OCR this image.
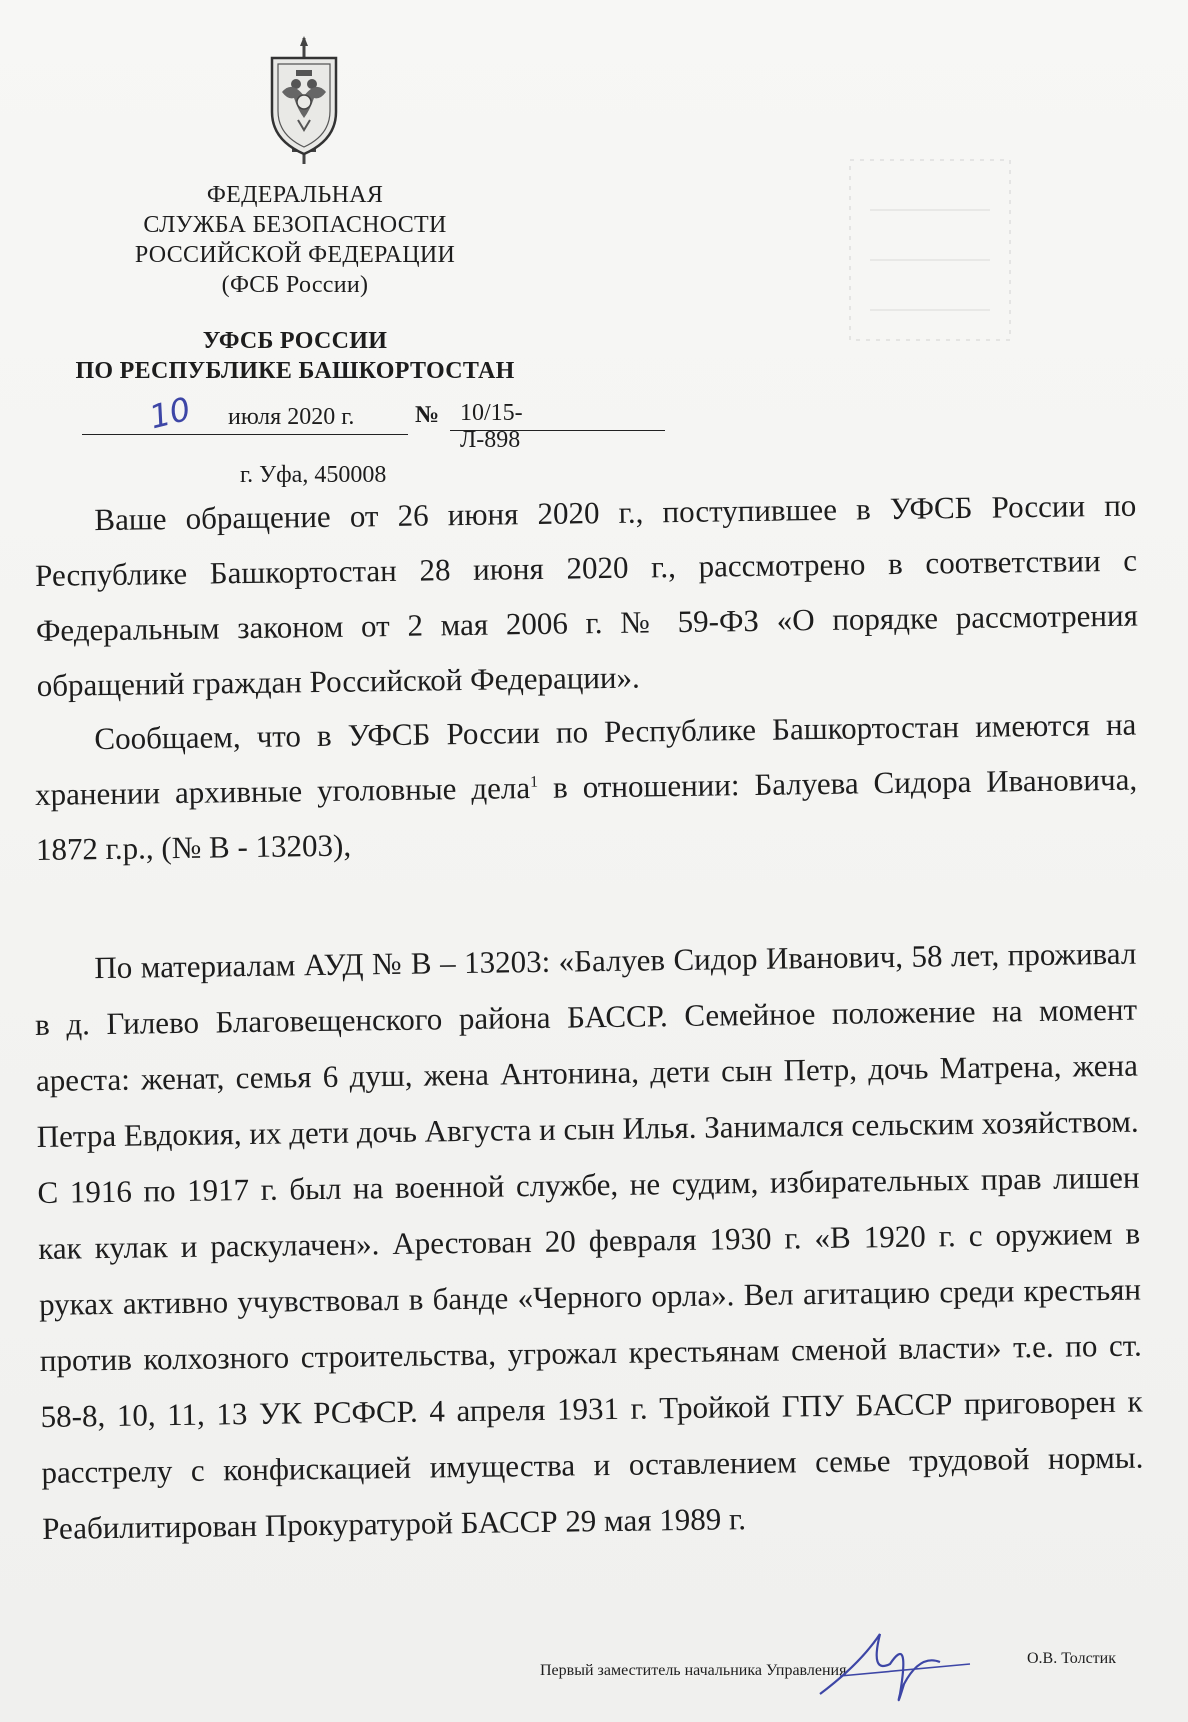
ФЕДЕРАЛЬНАЯ
СЛУЖБА БЕЗОПАСНОСТИ
РОССИЙСКОЙ ФЕДЕРАЦИИ
(ФСБ России)
УФСБ РОССИИ
ПО РЕСПУБЛИКЕ БАШКОРТОСТАН
10	июля 2020 г.	№ 10/15-Л-898
г. Уфа, 450008
Ваше обращение от 26 июня 2020 г., поступившее в УФСБ России по Республике Башкортостан 28 июня 2020 г., рассмотрено в соответствии с Федеральным законом от 2 мая 2006 г. № 59-ФЗ «О порядке рассмотрения обращений граждан Российской Федерации».
Сообщаем, что в УФСБ России по Республике Башкортостан имеются на хранении архивные уголовные дела$^1$ в отношении: Балуева Сидора Ивановича, 1872 г.р., (№ В - 13203),
По материалам АУД № В – 13203: «Балуев Сидор Иванович, 58 лет, проживал в д. Гилево Благовещенского района БАССР. Семейное положение на момент ареста: женат, семья 6 душ, жена Антонина, дети сын Петр, дочь Матрена, жена Петра Евдокия, их дети дочь Августа и сын Илья. Занимался сельским хозяйством. С 1916 по 1917 г. был на военной службе, не судим, избирательных прав лишен как кулак и раскулачен». Арестован 20 февраля 1930 г. «В 1920 г. с оружием в руках активно учувствовал в банде «Черного орла». Вел агитацию среди крестьян против колхозного строительства, угрожал крестьянам сменой власти» т.е. по ст. 58-8, 10, 11, 13 УК РСФСР. 4 апреля 1931 г. Тройкой ГПУ БАССР приговорен к расстрелу с конфискацией имущества и оставлением семье трудовой нормы. Реабилитирован Прокуратурой БАССР 29 мая 1989 г.
Первый заместитель начальника Управления
О.В. Толстик
